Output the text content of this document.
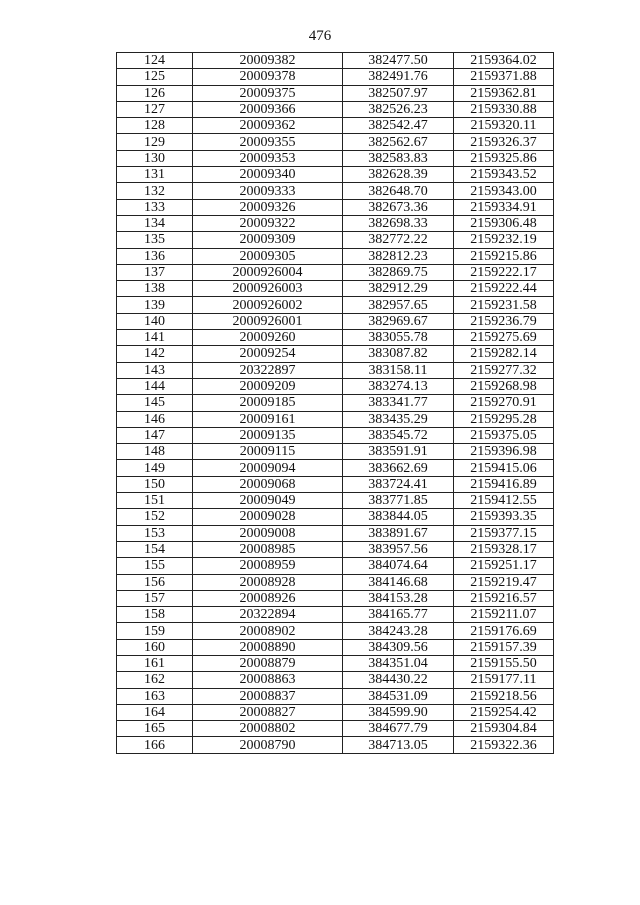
476
124	20009382	382477.50	2159364.02
125	20009378	382491.76	2159371.88
126	20009375	382507.97	2159362.81
127	20009366	382526.23	2159330.88
128	20009362	382542.47	2159320.11
129	20009355	382562.67	2159326.37
130	20009353	382583.83	2159325.86
131	20009340	382628.39	2159343.52
132	20009333	382648.70	2159343.00
133	20009326	382673.36	2159334.91
134	20009322	382698.33	2159306.48
135	20009309	382772.22	2159232.19
136	20009305	382812.23	2159215.86
137	2000926004	382869.75	2159222.17
138	2000926003	382912.29	2159222.44
139	2000926002	382957.65	2159231.58
140	2000926001	382969.67	2159236.79
141	20009260	383055.78	2159275.69
142	20009254	383087.82	2159282.14
143	20322897	383158.11	2159277.32
144	20009209	383274.13	2159268.98
145	20009185	383341.77	2159270.91
146	20009161	383435.29	2159295.28
147	20009135	383545.72	2159375.05
148	20009115	383591.91	2159396.98
149	20009094	383662.69	2159415.06
150	20009068	383724.41	2159416.89
151	20009049	383771.85	2159412.55
152	20009028	383844.05	2159393.35
153	20009008	383891.67	2159377.15
154	20008985	383957.56	2159328.17
155	20008959	384074.64	2159251.17
156	20008928	384146.68	2159219.47
157	20008926	384153.28	2159216.57
158	20322894	384165.77	2159211.07
159	20008902	384243.28	2159176.69
160	20008890	384309.56	2159157.39
161	20008879	384351.04	2159155.50
162	20008863	384430.22	2159177.11
163	20008837	384531.09	2159218.56
164	20008827	384599.90	2159254.42
165	20008802	384677.79	2159304.84
166	20008790	384713.05	2159322.36
